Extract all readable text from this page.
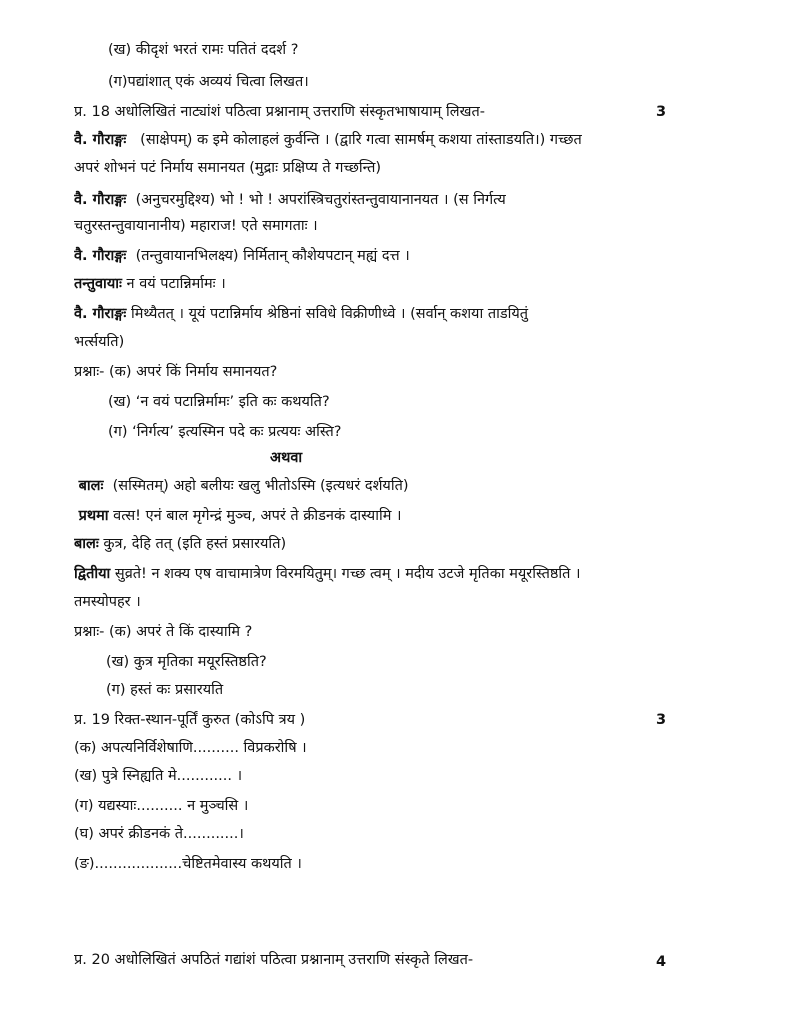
(ख) कीदृशं भरतं रामः पतितं ददर्श ?
(ग)पद्यांशात् एकं अव्ययं चित्वा लिखत।
प्र. 18 अधोलिखितं नाट्यांशं पठित्वा प्रश्नानाम् उत्तराणि संस्कृतभाषायाम् लिखत-	3
वै. गौराङ्गः (साक्षेपम्) क इमे कोलाहलं कुर्वन्ति । (द्वारि गत्वा सामर्षम् कशया तांस्ताडयति।) गच्छत
अपरं शोभनं पटं निर्माय समानयत (मुद्राः प्रक्षिप्य ते गच्छन्ति)
वै. गौराङ्गः (अनुचरमुद्दिश्य) भो ! भो ! अपरांस्त्रिचतुरांस्तन्तुवायानानयत । (स निर्गत्य
चतुरस्तन्तुवायानानीय) महाराज! एते समागताः ।
वै. गौराङ्गः (तन्तुवायानभिलक्ष्य) निर्मितान् कौशेयपटान् मह्यं दत्त ।
तन्तुवायाः न वयं पटान्निर्मामः ।
वै. गौराङ्गः मिथ्यैतत् । यूयं पटान्निर्माय श्रेष्ठिनां सविधे विक्रीणीध्वे । (सर्वान् कशया ताडयितुं
भर्त्सयति)
प्रश्नाः- (क) अपरं किं निर्माय समानयत?
(ख) ‘न वयं पटान्निर्मामः’ इति कः कथयति?
(ग) ‘निर्गत्य’ इत्यस्मिन पदे कः प्रत्ययः अस्ति?
अथवा
बालः (सस्मितम्) अहो बलीयः खलु भीतोऽस्मि (इत्यधरं दर्शयति)
प्रथमा वत्स! एनं बाल मृगेन्द्रं मुञ्च, अपरं ते क्रीडनकं दास्यामि ।
बालः कुत्र, देहि तत् (इति हस्तं प्रसारयति)
द्वितीया सुव्रते! न शक्य एष वाचामात्रेण विरमयितुम्। गच्छ त्वम् । मदीय उटजे मृतिका मयूरस्तिष्ठति ।
तमस्योपहर ।
प्रश्नाः- (क) अपरं ते किं दास्यामि ?
(ख) कुत्र मृतिका मयूरस्तिष्ठति?
(ग) हस्तं कः प्रसारयति
प्र. 19 रिक्त-स्थान-पूर्तिं कुरुत (कोऽपि त्रय )	3
(क) अपत्यनिर्विशेषाणि.......... विप्रकरोषि ।
(ख) पुत्रे स्निह्यति मे............ ।
(ग) यद्यस्याः.......... न मुञ्चसि ।
(घ) अपरं क्रीडनकं ते............।
(ङ)...................चेष्टितमेवास्य कथयति ।
प्र. 20 अधोलिखितं अपठितं गद्यांशं पठित्वा प्रश्नानाम् उत्तराणि संस्कृते लिखत-	4
